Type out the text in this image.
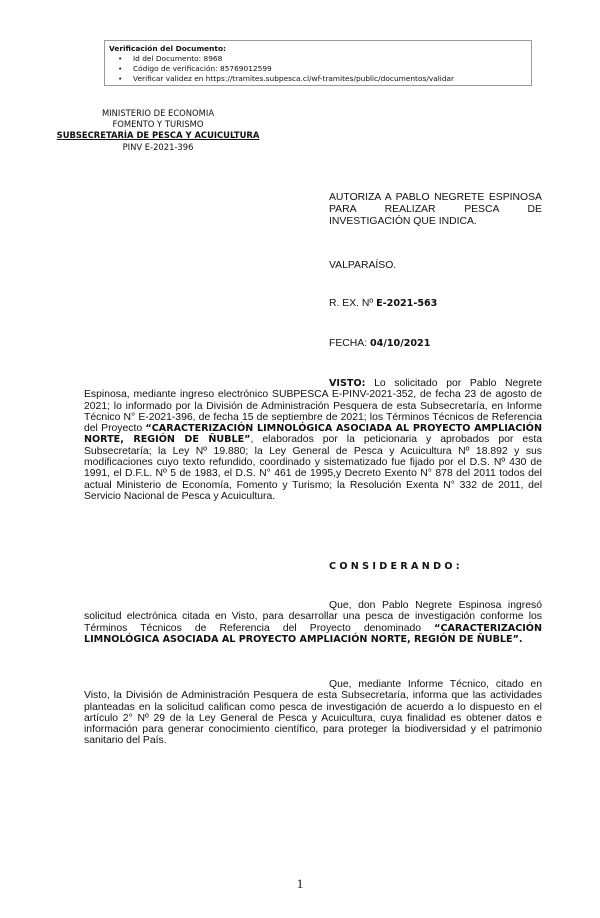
Verificación del Documento:
• Id del Documento: 8968
• Código de verificación: 85769012599
• Verificar validez en https://tramites.subpesca.cl/wf-tramites/public/documentos/validar
MINISTERIO DE ECONOMIA
FOMENTO Y TURISMO
SUBSECRETARÍA DE PESCA Y ACUICULTURA
PINV E-2021-396

AUTORIZA A PABLO NEGRETE ESPINOSA PARA REALIZAR PESCA DE INVESTIGACIÓN QUE INDICA.

VALPARAÍSO.

R. EX. Nº E-2021-563

FECHA: 04/10/2021

VISTO: Lo solicitado por Pablo Negrete Espinosa, mediante ingreso electrónico SUBPESCA E-PINV-2021-352, de fecha 23 de agosto de 2021; lo informado por la División de Administración Pesquera de esta Subsecretaría, en Informe Técnico N° E-2021-396, de fecha 15 de septiembre de 2021; los Términos Técnicos de Referencia del Proyecto “CARACTERIZACIÓN LIMNOLÓGICA ASOCIADA AL PROYECTO AMPLIACIÓN NORTE, REGIÓN DE ÑUBLE”, elaborados por la peticionaria y aprobados por esta Subsecretaría; la Ley Nº 19.880; la Ley General de Pesca y Acuicultura Nº 18.892 y sus modificaciones cuyo texto refundido, coordinado y sistematizado fue fijado por el D.S. Nº 430 de 1991, el D.F.L. Nº 5 de 1983, el D.S. N° 461 de 1995,y Decreto Exento N° 878 del 2011 todos del actual Ministerio de Economía, Fomento y Turismo; la Resolución Exenta N° 332 de 2011, del Servicio Nacional de Pesca y Acuicultura.

CONSIDERANDO:

Que, don Pablo Negrete Espinosa ingresó solicitud electrónica citada en Visto, para desarrollar una pesca de investigación conforme los Términos Técnicos de Referencia del Proyecto denominado “CARACTERIZACIÓN LIMNOLÓGICA ASOCIADA AL PROYECTO AMPLIACIÓN NORTE, REGIÓN DE ÑUBLE”.

Que, mediante Informe Técnico, citado en Visto, la División de Administración Pesquera de esta Subsecretaría, informa que las actividades planteadas en la solicitud califican como pesca de investigación de acuerdo a lo dispuesto en el artículo 2° Nº 29 de la Ley General de Pesca y Acuicultura, cuya finalidad es obtener datos e información para generar conocimiento científico, para proteger la biodiversidad y el patrimonio sanitario del País.

1
